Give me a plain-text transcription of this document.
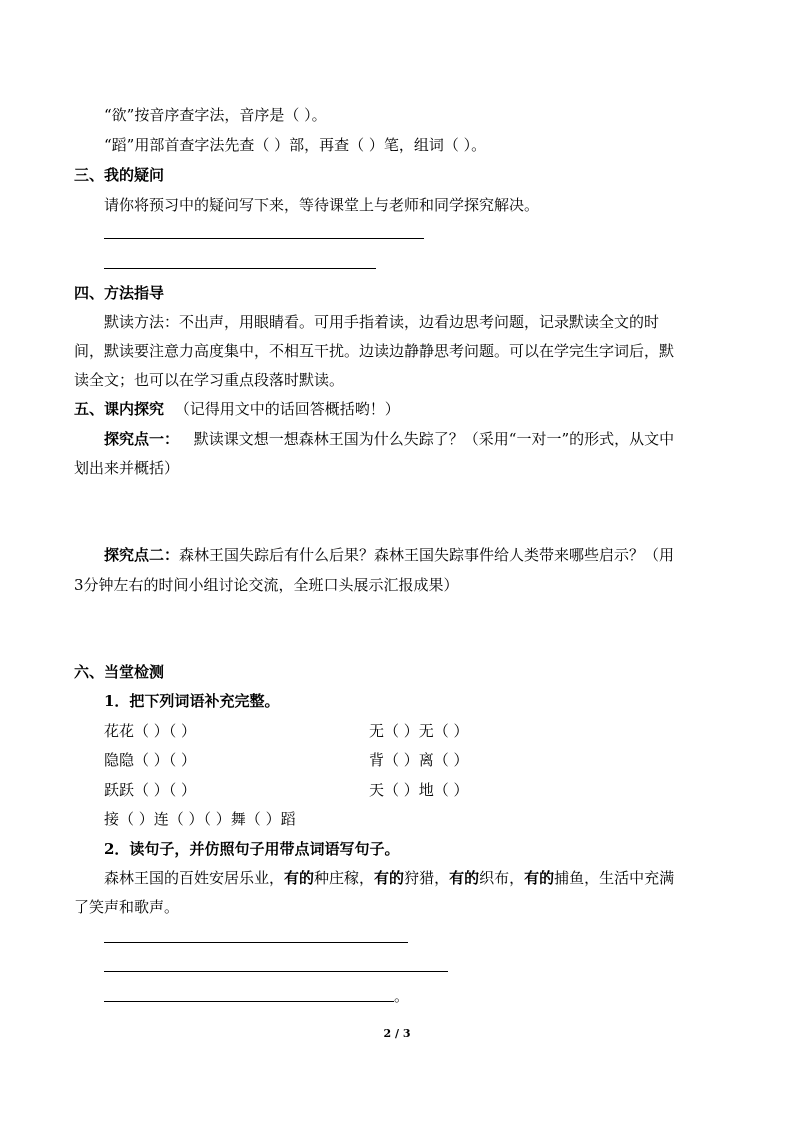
“欲”按音序查字法，音序是（ ）。
“蹈”用部首查字法先查（ ）部，再查（ ）笔，组词（ ）。
三、我的疑问
请你将预习中的疑问写下来，等待课堂上与老师和同学探究解决。
四、方法指导
默读方法：不出声，用眼睛看。可用手指着读，边看边思考问题，记录默读全文的时
间，默读要注意力高度集中，不相互干扰。边读边静静思考问题。可以在学完生字词后，默
读全文；也可以在学习重点段落时默读。
五、课内探究 （记得用文中的话回答概括哟！）
探究点一： 默读课文想一想森林王国为什么失踪了？（采用“一对一”的形式，从文中
划出来并概括）
探究点二：森林王国失踪后有什么后果？森林王国失踪事件给人类带来哪些启示？（用
3分钟左右的时间小组讨论交流，全班口头展示汇报成果）
六、当堂检测
1．把下列词语补充完整。
花花（ ）（ ）	无（ ）无（ ）
隐隐（ ）（ ）	背（ ）离（ ）
跃跃（ ）（ ）	天（ ）地（ ）
接（ ）连（ ）（ ）舞（ ）蹈
2．读句子，并仿照句子用带点词语写句子。
森林王国的百姓安居乐业，有的种庄稼，有的狩猎，有的织布，有的捕鱼，生活中充满
了笑声和歌声。
。
2 / 3
